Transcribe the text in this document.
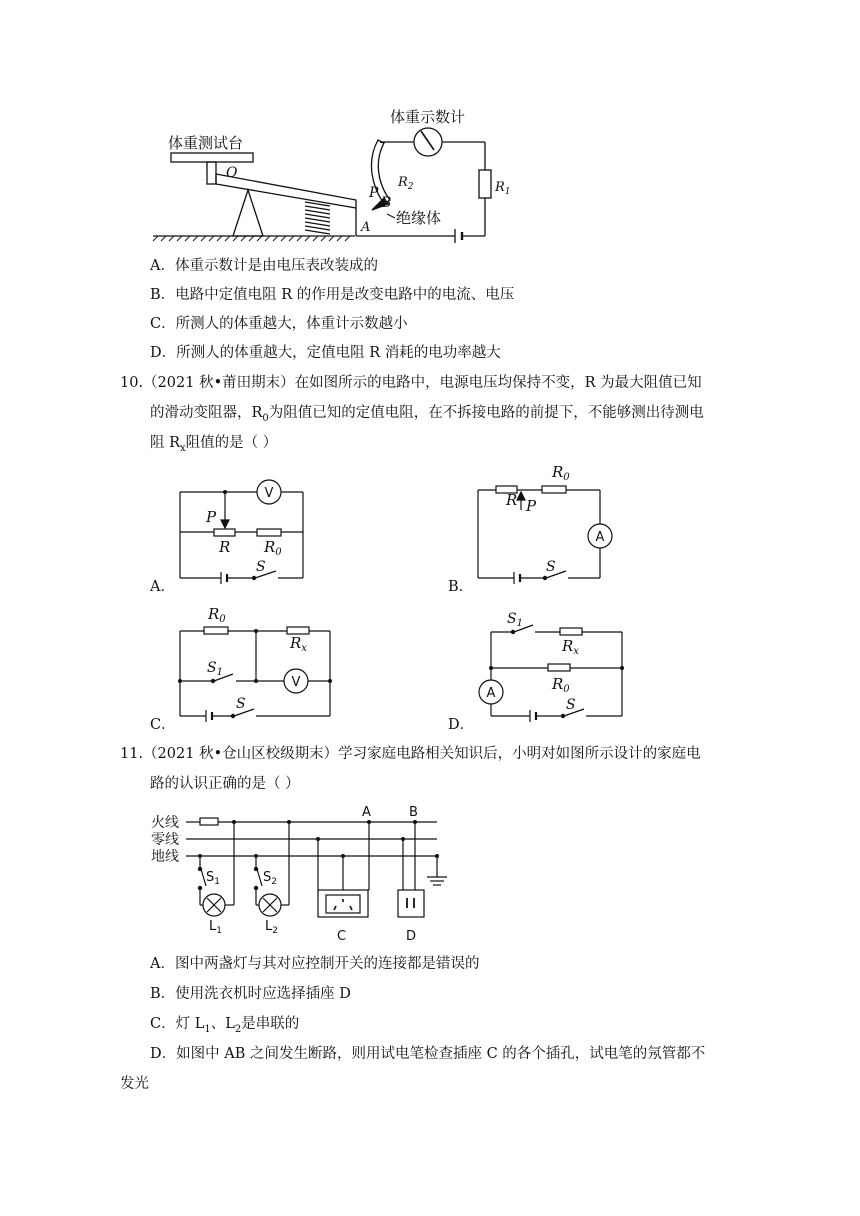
体重测试台
体重示数计
O
P
B
A
$R_2$	$R_1$
绝缘体
A．体重示数计是由电压表改装成的
B．电路中定值电阻 R 的作用是改变电路中的电流、电压
C．所测人的体重越大，体重计示数越小
D．所测人的体重越大，定值电阻 R 消耗的电功率越大
10.（2021 秋•莆田期末）在如图所示的电路中，电源电压均保持不变，R 为最大阻值已知
的滑动变阻器，$R_0$为阻值已知的定值电阻，在不拆接电路的前提下，不能够测出待测电
阻 $R_x$阻值的是（ ）
V
P
R $R_0$
S
A．
A
R P
$R_0$
S
B．
V
$R_0$
$R_x$
$S_1$
S
C．
A
$S_1$
$R_x$
$R_0$
S
D．
11.（2021 秋•仓山区校级期末）学习家庭电路相关知识后，小明对如图所示设计的家庭电
路的认识正确的是（ ）
火线
零线
地线
A	B
$S_1$	$S_2$
$L_1$	$L_2$	C	D
A．图中两盏灯与其对应控制开关的连接都是错误的
B．使用洗衣机时应选择插座 D
C．灯 $L_1$、$L_2$是串联的
D．如图中 AB 之间发生断路，则用试电笔检查插座 C 的各个插孔，试电笔的氖管都不
发光
